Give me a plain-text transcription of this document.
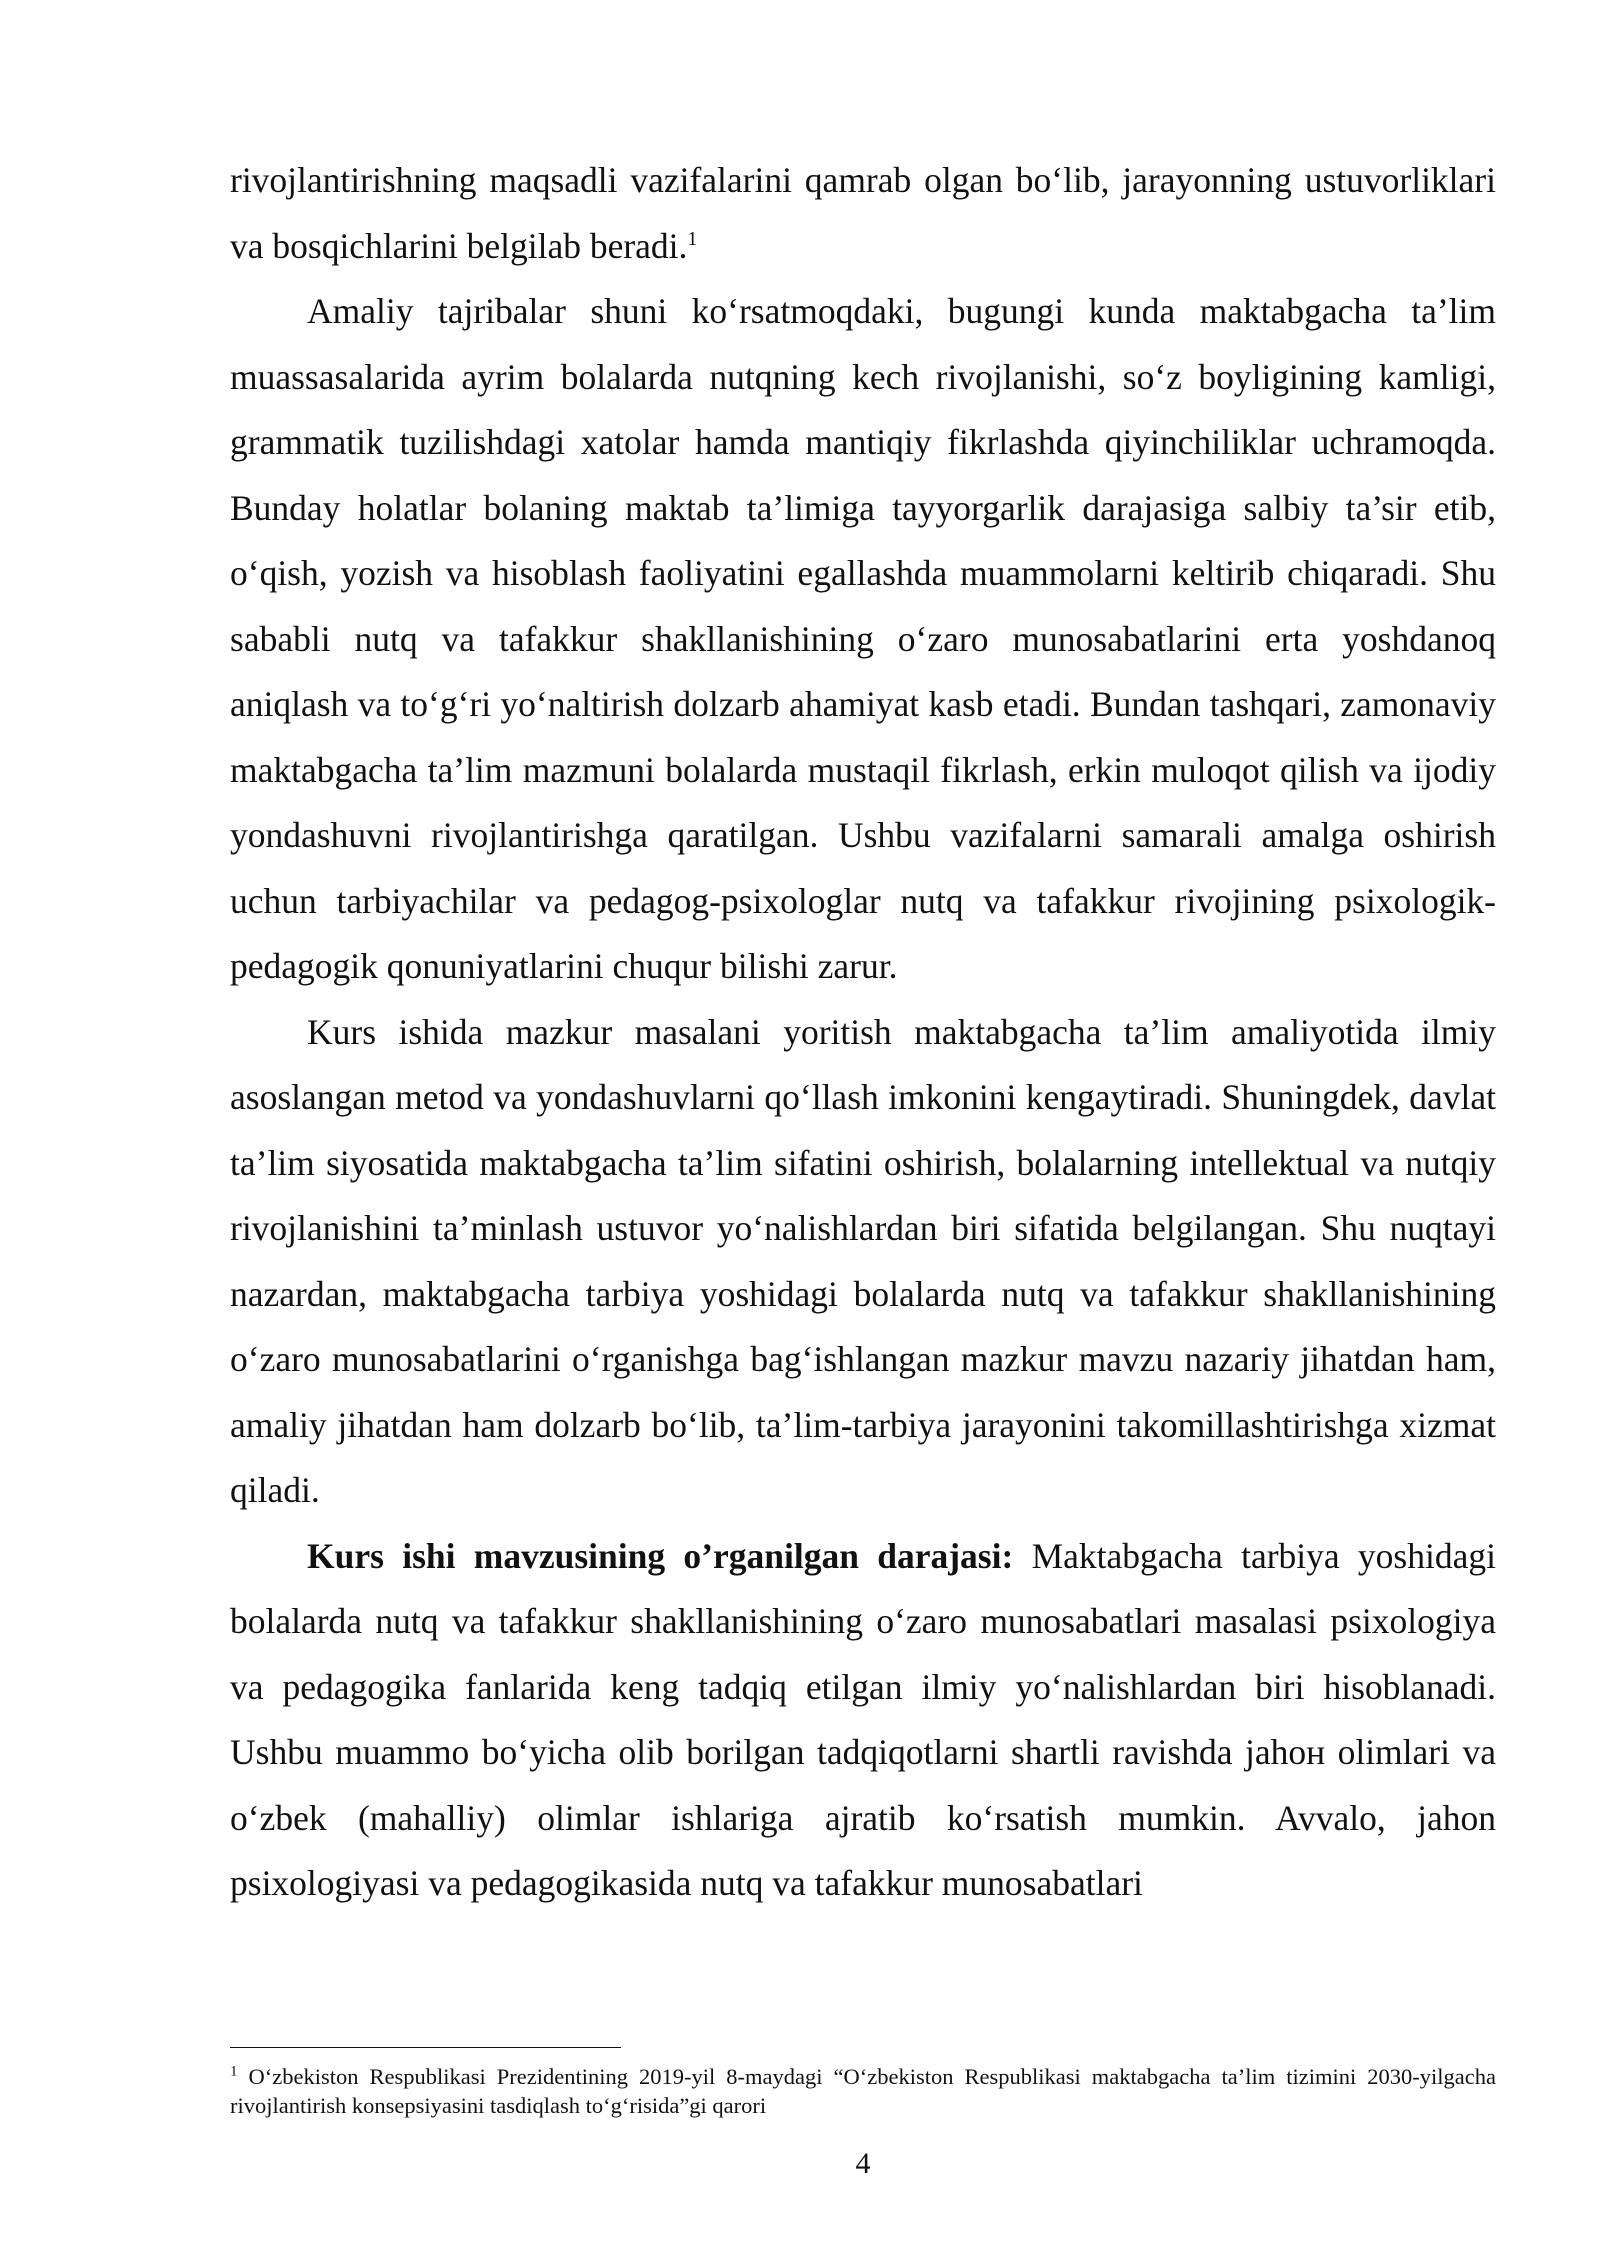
rivojlantirishning maqsadli vazifalarini qamrab olgan bo‘lib, jarayonning ustuvorliklari va bosqichlarini belgilab beradi.$^1$

Amaliy tajribalar shuni ko‘rsatmoqdaki, bugungi kunda maktabgacha ta’lim muassasalarida ayrim bolalarda nutqning kech rivojlanishi, so‘z boyligining kamligi, grammatik tuzilishdagi xatolar hamda mantiqiy fikrlashda qiyinchiliklar uchramoqda. Bunday holatlar bolaning maktab ta’limiga tayyorgarlik darajasiga salbiy ta’sir etib, o‘qish, yozish va hisoblash faoliyatini egallashda muammolarni keltirib chiqaradi. Shu sababli nutq va tafakkur shakllanishining o‘zaro munosabatlarini erta yoshdanoq aniqlash va to‘g‘ri yo‘naltirish dolzarb ahamiyat kasb etadi. Bundan tashqari, zamonaviy maktabgacha ta’lim mazmuni bolalarda mustaqil fikrlash, erkin muloqot qilish va ijodiy yondashuvni rivojlantirishga qaratilgan. Ushbu vazifalarni samarali amalga oshirish uchun tarbiyachilar va pedagog-psixologlar nutq va tafakkur rivojining psixologik-pedagogik qonuniyatlarini chuqur bilishi zarur.

Kurs ishida mazkur masalani yoritish maktabgacha ta’lim amaliyotida ilmiy asoslangan metod va yondashuvlarni qo‘llash imkonini kengaytiradi. Shuningdek, davlat ta’lim siyosatida maktabgacha ta’lim sifatini oshirish, bolalarning intellektual va nutqiy rivojlanishini ta’minlash ustuvor yo‘nalishlardan biri sifatida belgilangan. Shu nuqtayi nazardan, maktabgacha tarbiya yoshidagi bolalarda nutq va tafakkur shakllanishining o‘zaro munosabatlarini o‘rganishga bag‘ishlangan mazkur mavzu nazariy jihatdan ham, amaliy jihatdan ham dolzarb bo‘lib, ta’lim-tarbiya jarayonini takomillashtirishga xizmat qiladi.

Kurs ishi mavzusining o’rganilgan darajasi: Maktabgacha tarbiya yoshidagi bolalarda nutq va tafakkur shakllanishining o‘zaro munosabatlari masalasi psixologiya va pedagogika fanlarida keng tadqiq etilgan ilmiy yo‘nalishlardan biri hisoblanadi. Ushbu muammo bo‘yicha olib borilgan tadqiqotlarni shartli ravishda jahoн olimlari va o‘zbek (mahalliy) olimlar ishlariga ajratib ko‘rsatish mumkin. Avvalo, jahon psixologiyasi va pedagogikasida nutq va tafakkur munosabatlari

$^1$ O‘zbekiston Respublikasi Prezidentining 2019-yil 8-maydagi “O‘zbekiston Respublikasi maktabgacha ta’lim tizimini 2030-yilgacha rivojlantirish konsepsiyasini tasdiqlash to‘g‘risida”gi qarori

4
